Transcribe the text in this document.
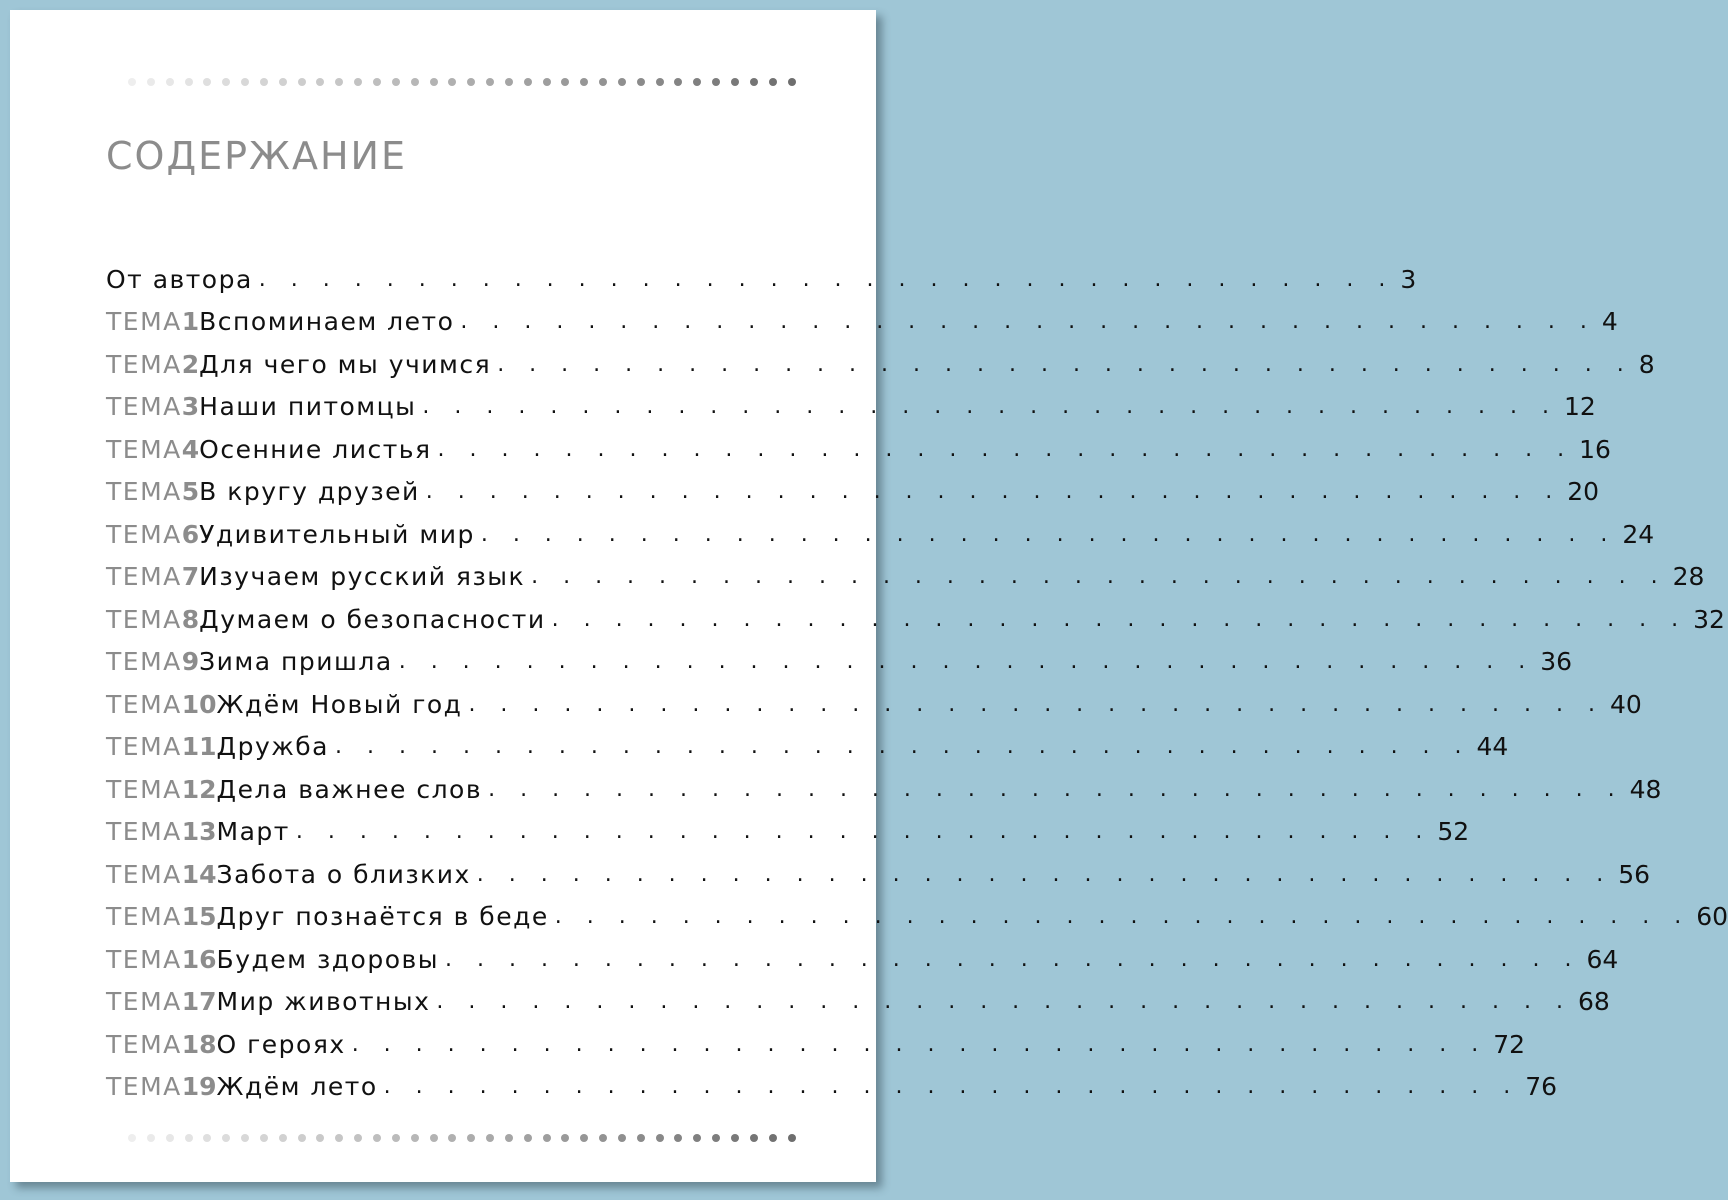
СОДЕРЖАНИЕ
От автора . . . . . . . . . . . . . . . . . . . . . . . . . . . . . . . . . . . . 3
ТЕМА 1 Вспоминаем лето . . . . . . . . . . . . . . . . . . . . . . . . . . . . . . . . . . . . 4
ТЕМА 2 Для чего мы учимся . . . . . . . . . . . . . . . . . . . . . . . . . . . . . . . . . . . . 8
ТЕМА 3 Наши питомцы . . . . . . . . . . . . . . . . . . . . . . . . . . . . . . . . . . . . 12
ТЕМА 4 Осенние листья . . . . . . . . . . . . . . . . . . . . . . . . . . . . . . . . . . . . 16
ТЕМА 5 В кругу друзей . . . . . . . . . . . . . . . . . . . . . . . . . . . . . . . . . . . . 20
ТЕМА 6 Удивительный мир . . . . . . . . . . . . . . . . . . . . . . . . . . . . . . . . . . . . 24
ТЕМА 7 Изучаем русский язык . . . . . . . . . . . . . . . . . . . . . . . . . . . . . . . . . . . . 28
ТЕМА 8 Думаем о безопасности . . . . . . . . . . . . . . . . . . . . . . . . . . . . . . . . . . . . 32
ТЕМА 9 Зима пришла . . . . . . . . . . . . . . . . . . . . . . . . . . . . . . . . . . . . 36
ТЕМА 10 Ждём Новый год . . . . . . . . . . . . . . . . . . . . . . . . . . . . . . . . . . . . 40
ТЕМА 11 Дружба . . . . . . . . . . . . . . . . . . . . . . . . . . . . . . . . . . . . 44
ТЕМА 12 Дела важнее слов . . . . . . . . . . . . . . . . . . . . . . . . . . . . . . . . . . . . 48
ТЕМА 13 Март . . . . . . . . . . . . . . . . . . . . . . . . . . . . . . . . . . . . 52
ТЕМА 14 Забота о близких . . . . . . . . . . . . . . . . . . . . . . . . . . . . . . . . . . . . 56
ТЕМА 15 Друг познаётся в беде . . . . . . . . . . . . . . . . . . . . . . . . . . . . . . . . . . . . 60
ТЕМА 16 Будем здоровы . . . . . . . . . . . . . . . . . . . . . . . . . . . . . . . . . . . . 64
ТЕМА 17 Мир животных . . . . . . . . . . . . . . . . . . . . . . . . . . . . . . . . . . . . 68
ТЕМА 18 О героях . . . . . . . . . . . . . . . . . . . . . . . . . . . . . . . . . . . . 72
ТЕМА 19 Ждём лето . . . . . . . . . . . . . . . . . . . . . . . . . . . . . . . . . . . . 76
